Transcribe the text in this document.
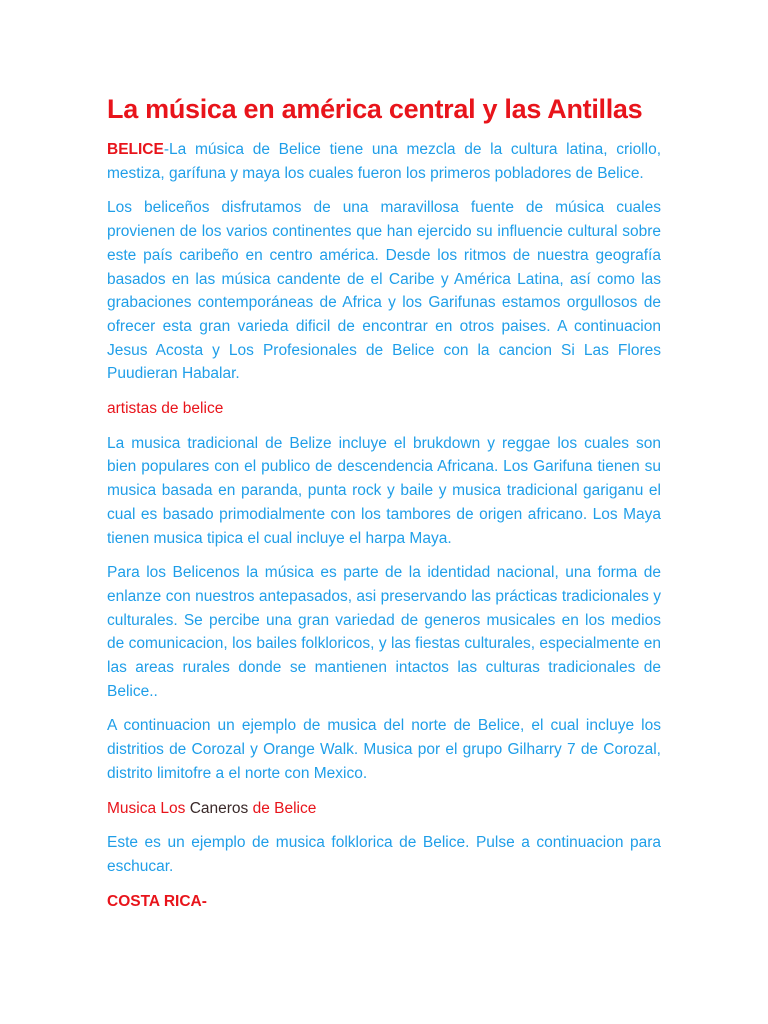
La música en américa central y las Antillas

BELICE-La música de Belice tiene una mezcla de la cultura latina, criollo, mestiza, garífuna y maya los cuales fueron los primeros pobladores de Belice.

Los beliceños disfrutamos de una maravillosa fuente de música cuales provienen de los varios continentes que han ejercido su influencie cultural sobre este país caribeño en centro américa. Desde los ritmos de nuestra geografía basados en las música candente de el Caribe y América Latina, así como las grabaciones contemporáneas de Africa y los Garifunas estamos orgullosos de ofrecer esta gran varieda dificil de encontrar en otros paises. A continuacion Jesus Acosta y Los Profesionales de Belice con la cancion Si Las Flores Puudieran Habalar.

artistas de belice

La musica tradicional de Belize incluye el brukdown y reggae los cuales son bien populares con el publico de descendencia Africana. Los Garifuna tienen su musica basada en paranda, punta rock y baile y musica tradicional gariganu el cual es basado primodialmente con los tambores de origen africano. Los Maya tienen musica tipica el cual incluye el harpa Maya.

Para los Belicenos la música es parte de la identidad nacional, una forma de enlanze con nuestros antepasados, asi preservando las prácticas tradicionales y culturales. Se percibe una gran variedad de generos musicales en los medios de comunicacion, los bailes folkloricos, y las fiestas culturales, especialmente en las areas rurales donde se mantienen intactos las culturas tradicionales de Belice..

A continuacion un ejemplo de musica del norte de Belice, el cual incluye los distritios de Corozal y Orange Walk. Musica por el grupo Gilharry 7 de Corozal, distrito limitofre a el norte con Mexico.

Musica Los Caneros de Belice

Este es un ejemplo de musica folklorica de Belice. Pulse a continuacion para eschucar.

COSTA RICA-
